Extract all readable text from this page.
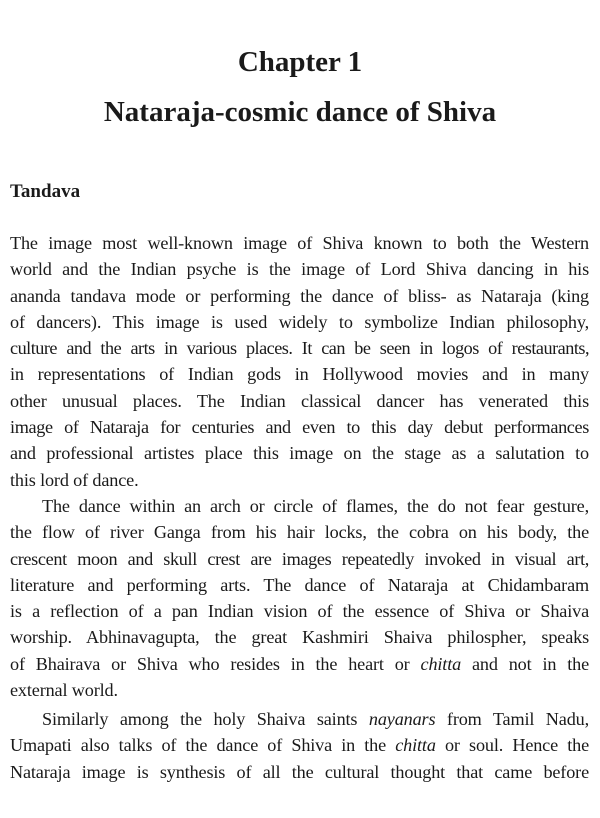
Chapter 1
Nataraja-cosmic dance of Shiva
Tandava

The image most well-known image of Shiva known to both the Western
world and the Indian psyche is the image of Lord Shiva dancing in his
ananda tandava mode or performing the dance of bliss- as Nataraja (king
of dancers). This image is used widely to symbolize Indian philosophy,
culture and the arts in various places. It can be seen in logos of restaurants,
in representations of Indian gods in Hollywood movies and in many
other unusual places. The Indian classical dancer has venerated this
image of Nataraja for centuries and even to this day debut performances
and professional artistes place this image on the stage as a salutation to
this lord of dance.

The dance within an arch or circle of flames, the do not fear gesture,
the flow of river Ganga from his hair locks, the cobra on his body, the
crescent moon and skull crest are images repeatedly invoked in visual art,
literature and performing arts. The dance of Nataraja at Chidambaram
is a reflection of a pan Indian vision of the essence of Shiva or Shaiva
worship. Abhinavagupta, the great Kashmiri Shaiva philospher, speaks
of Bhairava or Shiva who resides in the heart or chitta and not in the
external world.

Similarly among the holy Shaiva saints nayanars from Tamil Nadu,
Umapati also talks of the dance of Shiva in the chitta or soul. Hence the
Nataraja image is synthesis of all the cultural thought that came before
